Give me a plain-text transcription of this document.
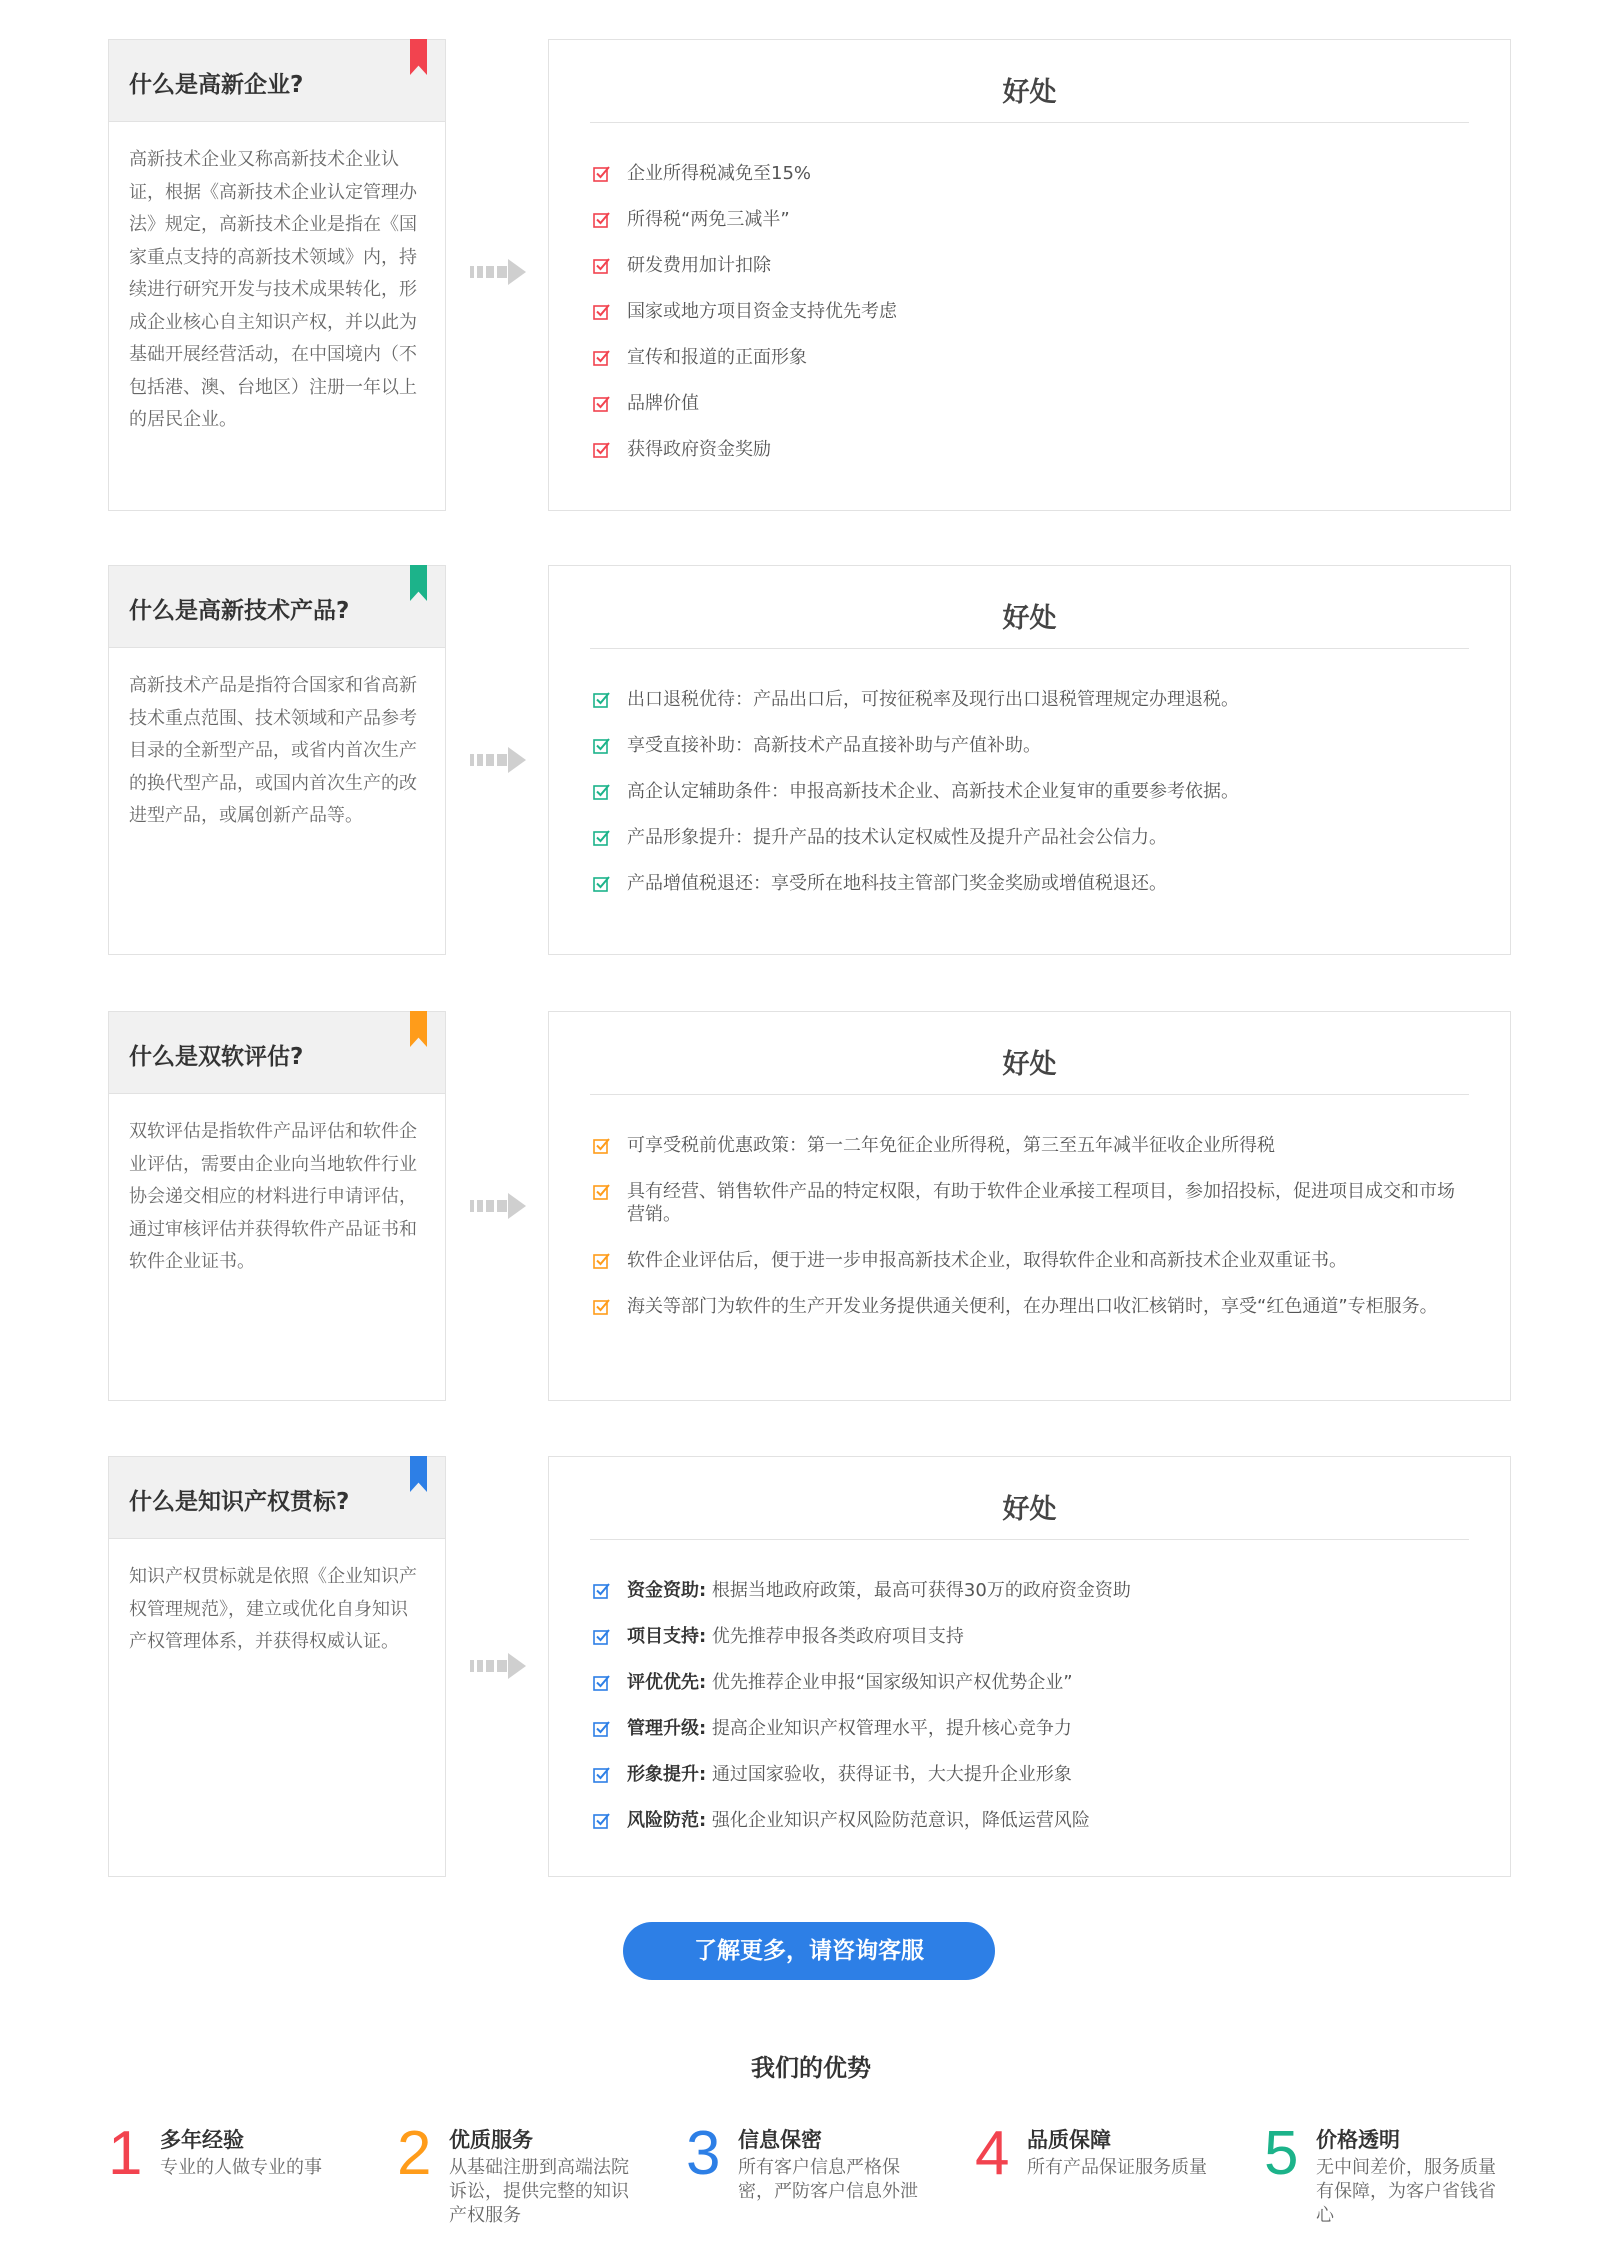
什么是高新企业?
高新技术企业又称高新技术企业认证，根据《高新技术企业认定管理办法》规定，高新技术企业是指在《国家重点支持的高新技术领域》内，持续进行研究开发与技术成果转化，形成企业核心自主知识产权，并以此为基础开展经营活动，在中国境内（不包括港、澳、台地区）注册一年以上的居民企业。
好处
企业所得税减免至15%
所得税“两免三减半”
研发费用加计扣除
国家或地方项目资金支持优先考虑
宣传和报道的正面形象
品牌价值
获得政府资金奖励
什么是高新技术产品?
高新技术产品是指符合国家和省高新技术重点范围、技术领域和产品参考目录的全新型产品，或省内首次生产的换代型产品，或国内首次生产的改进型产品，或属创新产品等。
好处
出口退税优待：产品出口后，可按征税率及现行出口退税管理规定办理退税。
享受直接补助：高新技术产品直接补助与产值补助。
高企认定辅助条件：申报高新技术企业、高新技术企业复审的重要参考依据。
产品形象提升：提升产品的技术认定权威性及提升产品社会公信力。
产品增值税退还：享受所在地科技主管部门奖金奖励或增值税退还。
什么是双软评估?
双软评估是指软件产品评估和软件企业评估，需要由企业向当地软件行业协会递交相应的材料进行申请评估，通过审核评估并获得软件产品证书和软件企业证书。
好处
可享受税前优惠政策：第一二年免征企业所得税，第三至五年减半征收企业所得税
具有经营、销售软件产品的特定权限，有助于软件企业承接工程项目，参加招投标，促进项目成交和市场营销。
软件企业评估后，便于进一步申报高新技术企业，取得软件企业和高新技术企业双重证书。
海关等部门为软件的生产开发业务提供通关便利，在办理出口收汇核销时，享受“红色通道”专柜服务。
什么是知识产权贯标?
知识产权贯标就是依照《企业知识产权管理规范》，建立或优化自身知识产权管理体系，并获得权威认证。
好处
资金资助: 根据当地政府政策，最高可获得30万的政府资金资助
项目支持: 优先推荐申报各类政府项目支持
评优优先: 优先推荐企业申报“国家级知识产权优势企业”
管理升级: 提高企业知识产权管理水平，提升核心竞争力
形象提升: 通过国家验收，获得证书，大大提升企业形象
风险防范: 强化企业知识产权风险防范意识，降低运营风险
了解更多，请咨询客服
我们的优势
1 多年经验
专业的人做专业的事	2 优质服务
从基础注册到高端法院诉讼，提供完整的知识产权服务
3 信息保密
所有客户信息严格保密，严防客户信息外泄
4 品质保障
所有产品保证服务质量 5 价格透明
无中间差价，服务质量有保障，为客户省钱省心
